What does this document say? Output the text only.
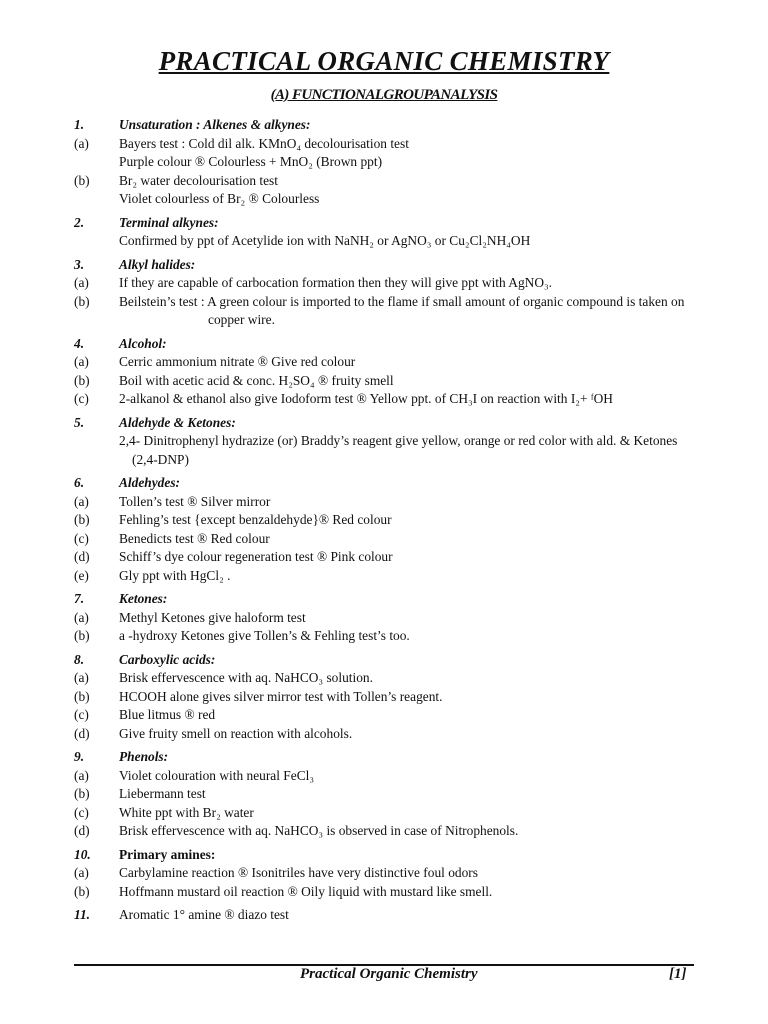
PRACTICAL ORGANIC CHEMISTRY
(A) FUNCTIONALGROUPANALYSIS
1.	Unsaturation : Alkenes & alkynes:
(a) Bayers test : Cold dil alk. KMnO₄ decolourisation test
Purple colour ® Colourless + MnO₂ (Brown ppt)
(b) Br₂ water decolourisation test
Violet colourless of Br₂ ® Colourless
2.	Terminal alkynes:
Confirmed by ppt of Acetylide ion with NaNH₂ or AgNO₃ or Cu₂Cl₂NH₄OH
3.	Alkyl halides:
(a) If they are capable of carbocation formation then they will give ppt with AgNO₃.
(b) Beilstein’s test : A green colour is imported to the flame if small amount of organic compound is taken on
copper wire.
4.	Alcohol:
(a) Cerric ammonium nitrate ® Give red colour
(b) Boil with acetic acid & conc. H₂SO₄ ® fruity smell
(c) 2-alkanol & ethanol also give Iodoform test ® Yellow ppt. of CH₃I on reaction with I₂+ ᶠOH
5.	Aldehyde & Ketones:
2,4- Dinitrophenyl hydrazize (or) Braddy’s reagent give yellow, orange or red color with ald. & Ketones
(2,4-DNP)
6.	Aldehydes:
(a) Tollen’s test ® Silver mirror
(b) Fehling’s test {except benzaldehyde}® Red colour
(c) Benedicts test ® Red colour
(d) Schiff’s dye colour regeneration test ® Pink colour
(e) Gly ppt with HgCl₂ .
7.	Ketones:
(a) Methyl Ketones give haloform test
(b) a -hydroxy Ketones give Tollen’s & Fehling test’s too.
8.	Carboxylic acids:
(a) Brisk effervescence with aq. NaHCO₃ solution.
(b) HCOOH alone gives silver mirror test with Tollen’s reagent.
(c) Blue litmus ® red
(d) Give fruity smell on reaction with alcohols.
9.	Phenols:
(a) Violet colouration with neural FeCl₃
(b) Liebermann test
(c) White ppt with Br₂ water
(d) Brisk effervescence with aq. NaHCO₃ is observed in case of Nitrophenols.
10. Primary amines:
(a) Carbylamine reaction ® Isonitriles have very distinctive foul odors
(b) Hoffmann mustard oil reaction ® Oily liquid with mustard like smell.
11. Aromatic 1° amine ® diazo test
Practical Organic Chemistry	[1]
